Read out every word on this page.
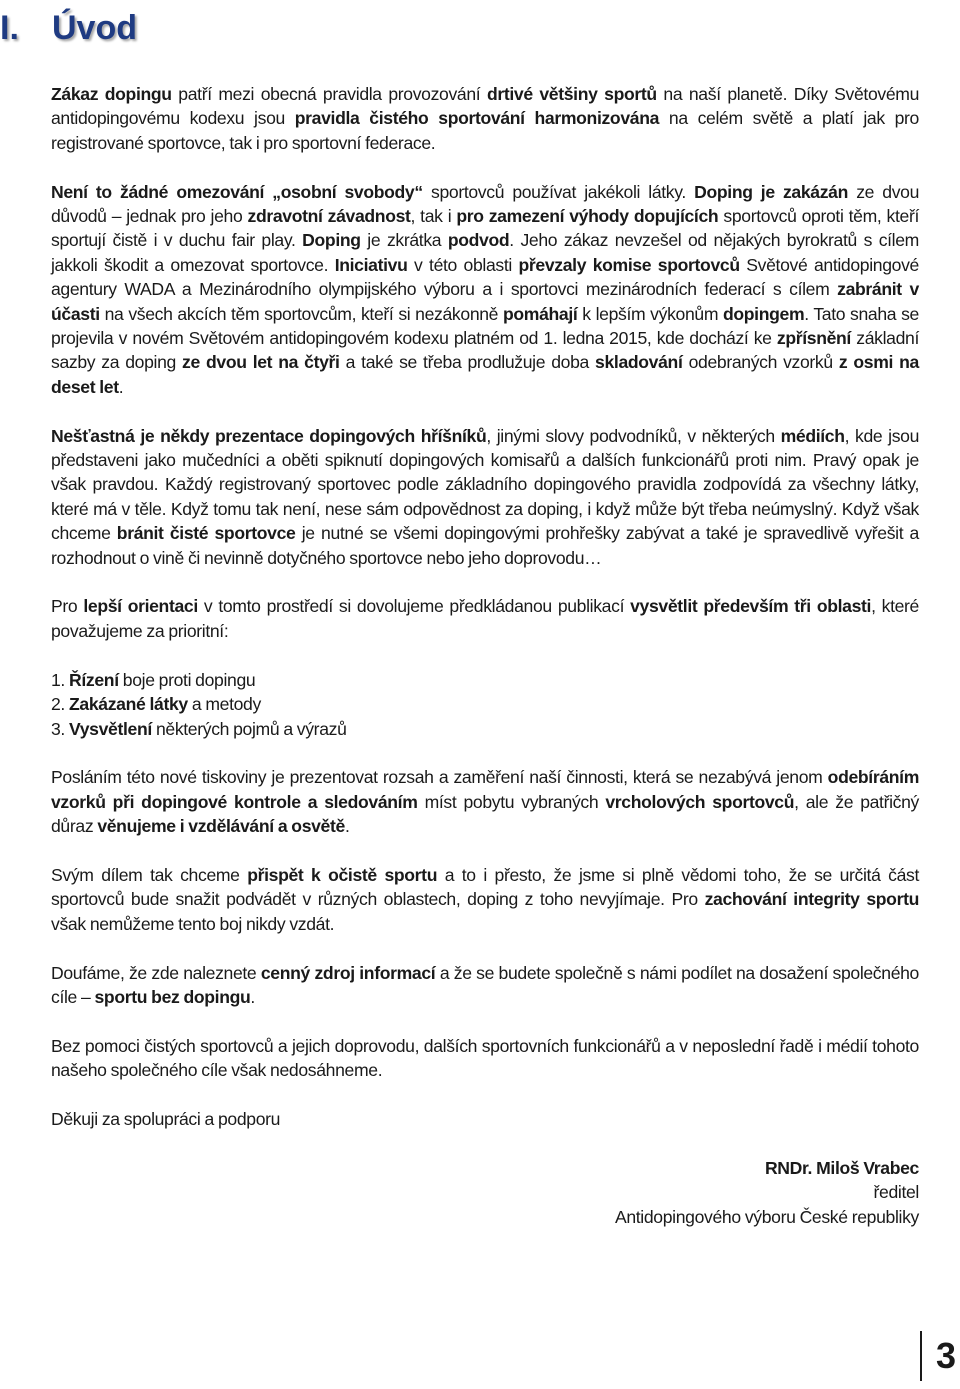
I. Úvod

Zákaz dopingu patří mezi obecná pravidla provozování drtivé většiny sportů na naší planetě. Díky Světovému antidopingovému kodexu jsou pravidla čistého sportování harmonizována na celém světě a platí jak pro registrované sportovce, tak i pro sportovní federace.

Není to žádné omezování „osobní svobody“ sportovců používat jakékoli látky. Doping je zakázán ze dvou důvodů – jednak pro jeho zdravotní závadnost, tak i pro zamezení výhody dopujících sportovců oproti těm, kteří sportují čistě i v duchu fair play. Doping je zkrátka podvod. Jeho zákaz nevzešel od nějakých byrokratů s cílem jakkoli škodit a omezovat sportovce. Iniciativu v této oblasti převzaly komise sportovců Světové antidopingové agentury WADA a Mezinárodního olympijského výboru a i sportovci mezinárodních federací s cílem zabránit v účasti na všech akcích těm sportovcům, kteří si nezákonně pomáhají k lepším výkonům dopingem. Tato snaha se projevila v novém Světovém antidopingovém kodexu platném od 1. ledna 2015, kde dochází ke zpřísnění základní sazby za doping ze dvou let na čtyři a také se třeba prodlužuje doba skladování odebraných vzorků z osmi na deset let.

Nešťastná je někdy prezentace dopingových hříšníků, jinými slovy podvodníků, v některých médiích, kde jsou představeni jako mučedníci a oběti spiknutí dopingových komisařů a dalších funkcionářů proti nim. Pravý opak je však pravdou. Každý registrovaný sportovec podle základního dopingového pravidla zodpovídá za všechny látky, které má v těle. Když tomu tak není, nese sám odpovědnost za doping, i když může být třeba neúmyslný. Když však chceme bránit čisté sportovce je nutné se všemi dopingovými prohřešky zabývat a také je spravedlivě vyřešit a rozhodnout o vině či nevinně dotyčného sportovce nebo jeho doprovodu…

Pro lepší orientaci v tomto prostředí si dovolujeme předkládanou publikací vysvětlit především tři oblasti, které považujeme za prioritní:

1. Řízení boje proti dopingu
2. Zakázané látky a metody
3. Vysvětlení některých pojmů a výrazů

Posláním této nové tiskoviny je prezentovat rozsah a zaměření naší činnosti, která se nezabývá jenom odebíráním vzorků při dopingové kontrole a sledováním míst pobytu vybraných vrcholových sportovců, ale že patřičný důraz věnujeme i vzdělávání a osvětě.

Svým dílem tak chceme přispět k očistě sportu a to i přesto, že jsme si plně vědomi toho, že se určitá část sportovců bude snažit podvádět v různých oblastech, doping z toho nevyjímaje. Pro zachování integrity sportu však nemůžeme tento boj nikdy vzdát.

Doufáme, že zde naleznete cenný zdroj informací a že se budete společně s námi podílet na dosažení společného cíle – sportu bez dopingu.

Bez pomoci čistých sportovců a jejich doprovodu, dalších sportovních funkcionářů a v neposlední řadě i médií tohoto našeho společného cíle však nedosáhneme.

Děkuji za spolupráci a podporu

RNDr. Miloš Vrabec
ředitel
Antidopingového výboru České republiky
3
